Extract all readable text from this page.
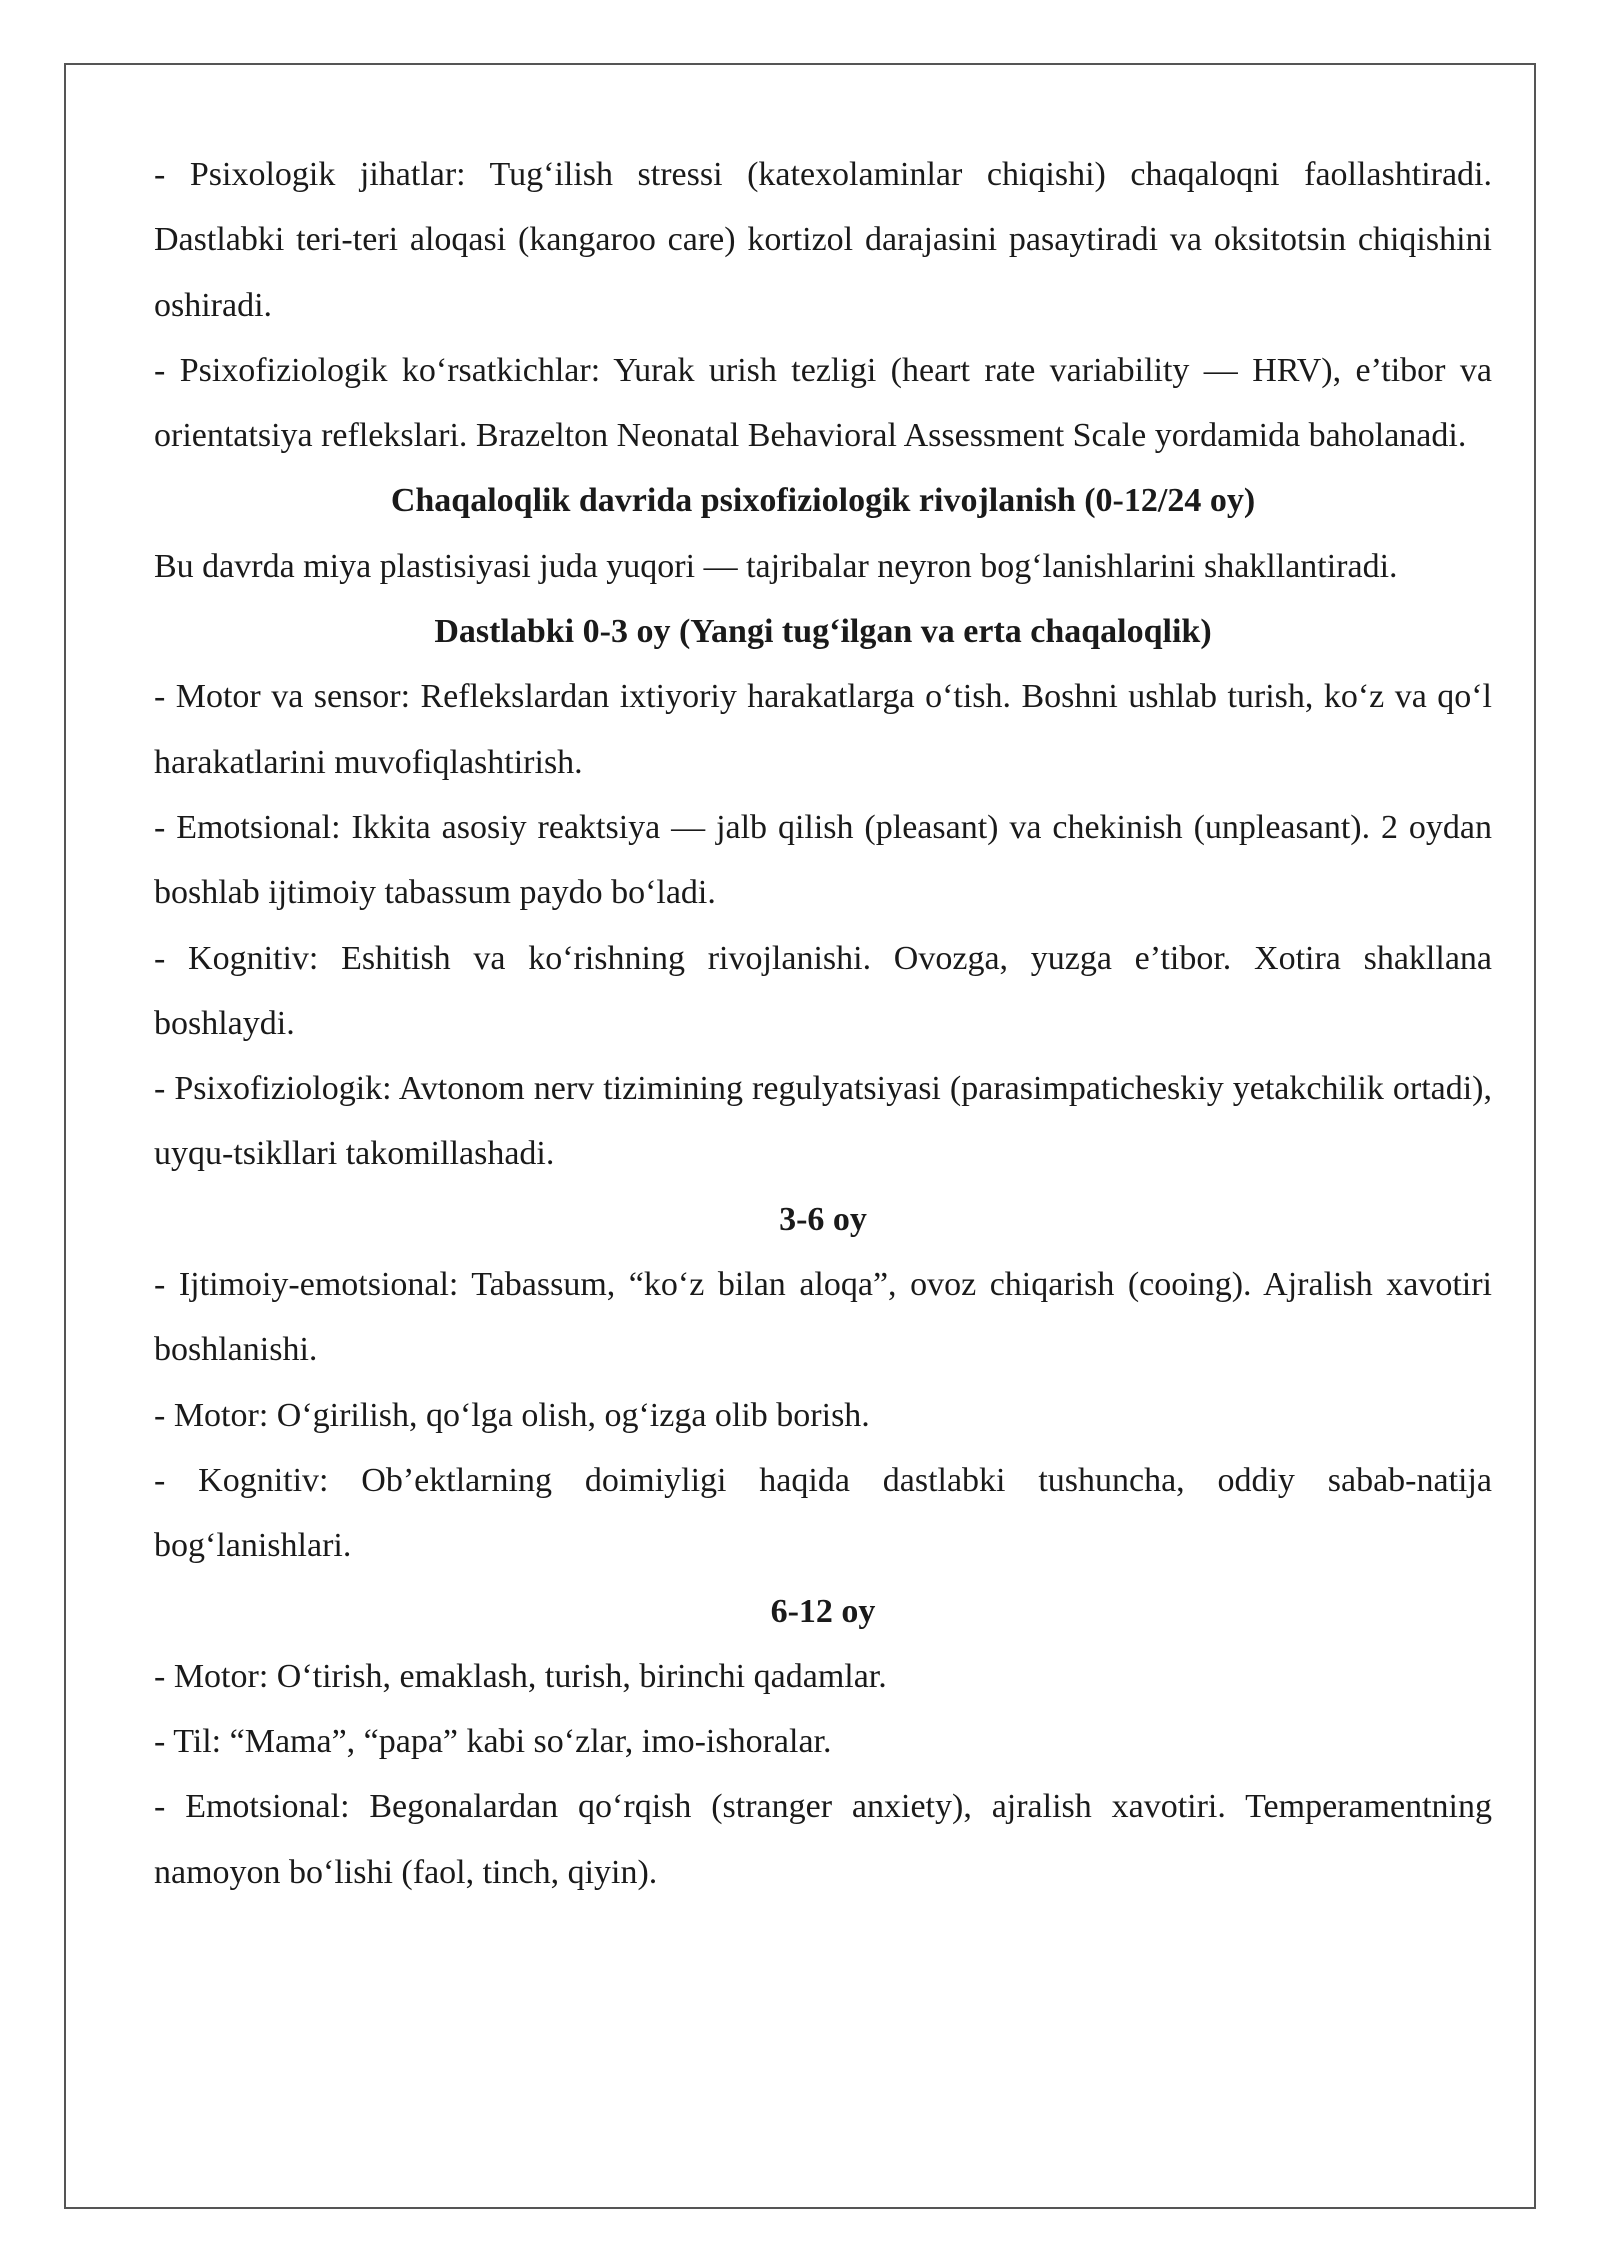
- Psixologik jihatlar: Tug‘ilish stressi (katexolaminlar chiqishi) chaqaloqni faollashtiradi. Dastlabki teri-teri aloqasi (kangaroo care) kortizol darajasini pasaytiradi va oksitotsin chiqishini oshiradi.

- Psixofiziologik ko‘rsatkichlar: Yurak urish tezligi (heart rate variability — HRV), e’tibor va orientatsiya reflekslari. Brazelton Neonatal Behavioral Assessment Scale yordamida baholanadi.

Chaqaloqlik davrida psixofiziologik rivojlanish (0-12/24 oy)

Bu davrda miya plastisiyasi juda yuqori — tajribalar neyron bog‘lanishlarini shakllantiradi.

Dastlabki 0-3 oy (Yangi tug‘ilgan va erta chaqaloqlik)

- Motor va sensor: Reflekslardan ixtiyoriy harakatlarga o‘tish. Boshni ushlab turish, ko‘z va qo‘l harakatlarini muvofiqlashtirish.

- Emotsional: Ikkita asosiy reaktsiya — jalb qilish (pleasant) va chekinish (unpleasant). 2 oydan boshlab ijtimoiy tabassum paydo bo‘ladi.

- Kognitiv: Eshitish va ko‘rishning rivojlanishi. Ovozga, yuzga e’tibor. Xotira shakllana boshlaydi.

- Psixofiziologik: Avtonom nerv tizimining regulyatsiyasi (parasimpaticheskiy yetakchilik ortadi), uyqu-tsikllari takomillashadi.

3-6 oy

- Ijtimoiy-emotsional: Tabassum, “ko‘z bilan aloqa”, ovoz chiqarish (cooing). Ajralish xavotiri boshlanishi.

- Motor: O‘girilish, qo‘lga olish, og‘izga olib borish.

- Kognitiv: Ob’ektlarning doimiyligi haqida dastlabki tushuncha, oddiy sabab-natija bog‘lanishlari.

6-12 oy

- Motor: O‘tirish, emaklash, turish, birinchi qadamlar.

- Til: “Mama”, “papa” kabi so‘zlar, imo-ishoralar.

- Emotsional: Begonalardan qo‘rqish (stranger anxiety), ajralish xavotiri. Temperamentning namoyon bo‘lishi (faol, tinch, qiyin).
